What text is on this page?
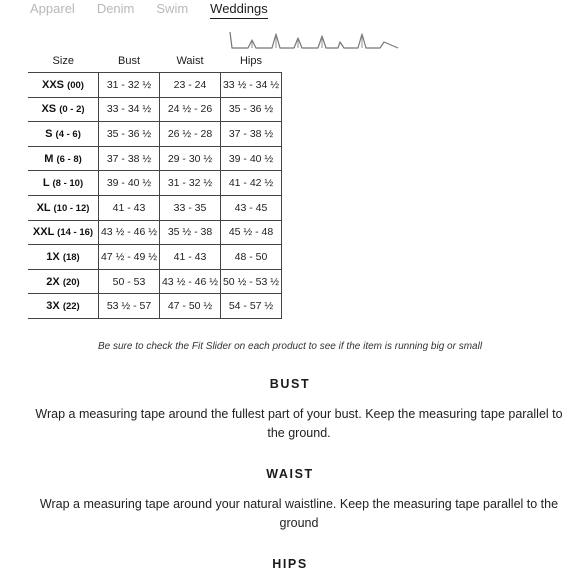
Apparel Denim Swim Weddings
Size	Bust	Waist	Hips
XXS (00)	31 - 32 ½	23 - 24	33 ½ - 34 ½
XS (0 - 2)	33 - 34 ½	24 ½ - 26	35 - 36 ½
S (4 - 6)	35 - 36 ½	26 ½ - 28	37 - 38 ½
M (6 - 8)	37 - 38 ½	29 - 30 ½	39 - 40 ½
L (8 - 10)	39 - 40 ½	31 - 32 ½	41 - 42 ½
XL (10 - 12)	41 - 43	33 - 35	43 - 45
XXL (14 - 16)	43 ½ - 46 ½	35 ½ - 38	45 ½ - 48
1X (18)	47 ½ - 49 ½	41 - 43	48 - 50
2X (20)	50 - 53	43 ½ - 46 ½	50 ½ - 53 ½
3X (22)	53 ½ - 57	47 - 50 ½	54 - 57 ½
Be sure to check the Fit Slider on each product to see if the item is running big or small
BUST
Wrap a measuring tape around the fullest part of your bust. Keep the measuring tape parallel to the ground.
WAIST
Wrap a measuring tape around your natural waistline. Keep the measuring tape parallel to the ground
HIPS
